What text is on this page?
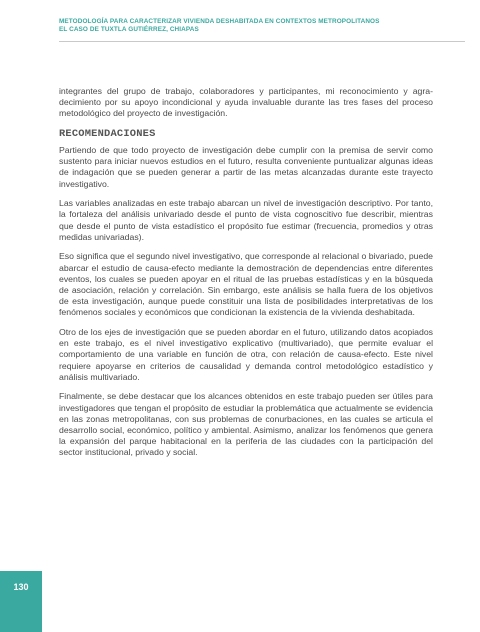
METODOLOGÍA PARA CARACTERIZAR VIVIENDA DESHABITADA EN CONTEXTOS METROPOLITANOS
EL CASO DE TUXTLA GUTIÉRREZ, CHIAPAS

integrantes del grupo de trabajo, colaboradores y participantes, mi reconocimiento y agradecimiento por su apoyo incondicional y ayuda invaluable durante las tres fases del proceso metodológico del proyecto de investigación.

RECOMENDACIONES

Partiendo de que todo proyecto de investigación debe cumplir con la premisa de servir como sustento para iniciar nuevos estudios en el futuro, resulta conveniente puntualizar algunas ideas de indagación que se pueden generar a partir de las metas alcanzadas durante este trayecto investigativo.

Las variables analizadas en este trabajo abarcan un nivel de investigación descriptivo. Por tanto, la fortaleza del análisis univariado desde el punto de vista cognoscitivo fue describir, mientras que desde el punto de vista estadístico el propósito fue estimar (frecuencia, promedios y otras medidas univariadas).

Eso significa que el segundo nivel investigativo, que corresponde al relacional o bivariado, puede abarcar el estudio de causa-efecto mediante la demostración de dependencias entre diferentes eventos, los cuales se pueden apoyar en el ritual de las pruebas estadísticas y en la búsqueda de asociación, relación y correlación. Sin embargo, este análisis se halla fuera de los objetivos de esta investigación, aunque puede constituir una lista de posibilidades interpretativas de los fenómenos sociales y económicos que condicionan la existencia de la vivienda deshabitada.

Otro de los ejes de investigación que se pueden abordar en el futuro, utilizando datos acopiados en este trabajo, es el nivel investigativo explicativo (multivariado), que permite evaluar el comportamiento de una variable en función de otra, con relación de causa-efecto. Este nivel requiere apoyarse en criterios de causalidad y demanda control metodológico estadístico y análisis multivariado.

Finalmente, se debe destacar que los alcances obtenidos en este trabajo pueden ser útiles para investigadores que tengan el propósito de estudiar la problemática que actualmente se evidencia en las zonas metropolitanas, con sus problemas de conurbaciones, en las cuales se articula el desarrollo social, económico, político y ambiental. Asimismo, analizar los fenómenos que genera la expansión del parque habitacional en la periferia de las ciudades con la participación del sector institucional, privado y social.

130
